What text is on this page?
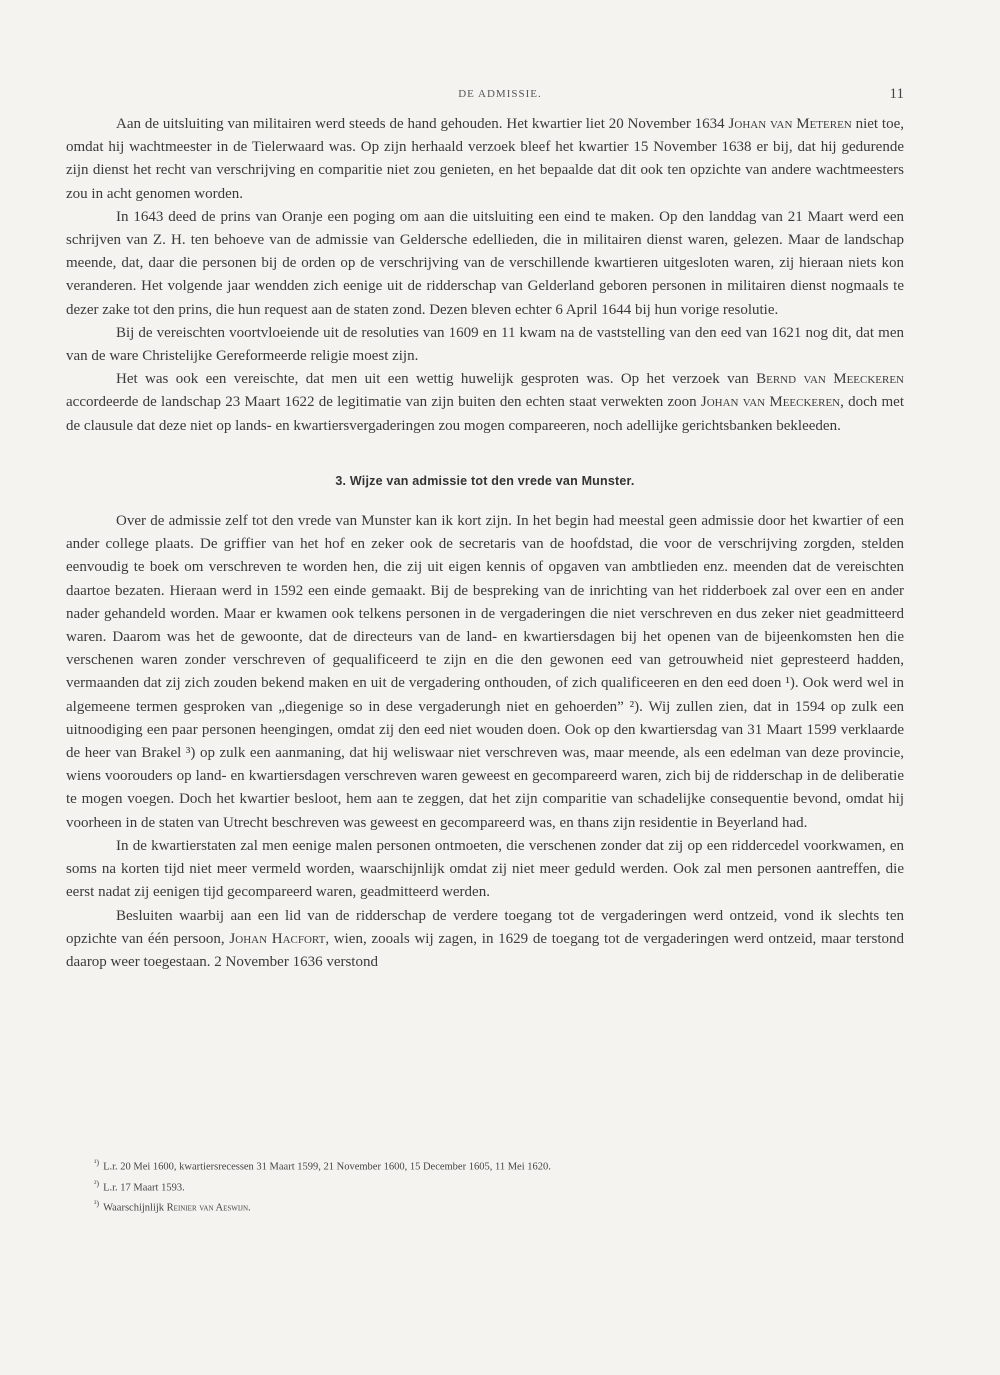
DE ADMISSIE.	11

Aan de uitsluiting van militairen werd steeds de hand gehouden. Het kwartier liet 20 November 1634 Johan van Meteren niet toe, omdat hij wachtmeester in de Tielerwaard was. Op zijn herhaald verzoek bleef het kwartier 15 November 1638 er bij, dat hij gedurende zijn dienst het recht van verschrijving en comparitie niet zou genieten, en het bepaalde dat dit ook ten opzichte van andere wachtmeesters zou in acht genomen worden.

In 1643 deed de prins van Oranje een poging om aan die uitsluiting een eind te maken. Op den landdag van 21 Maart werd een schrijven van Z. H. ten behoeve van de admissie van Geldersche edellieden, die in militairen dienst waren, gelezen. Maar de landschap meende, dat, daar die personen bij de orden op de verschrijving van de verschillende kwartieren uitgesloten waren, zij hieraan niets kon veranderen. Het volgende jaar wendden zich eenige uit de ridderschap van Gelderland geboren personen in militairen dienst nogmaals te dezer zake tot den prins, die hun request aan de staten zond. Dezen bleven echter 6 April 1644 bij hun vorige resolutie.

Bij de vereischten voortvloeiende uit de resoluties van 1609 en 11 kwam na de vaststelling van den eed van 1621 nog dit, dat men van de ware Christelijke Gereformeerde religie moest zijn.

Het was ook een vereischte, dat men uit een wettig huwelijk gesproten was. Op het verzoek van Bernd van Meeckeren accordeerde de landschap 23 Maart 1622 de legitimatie van zijn buiten den echten staat verwekten zoon Johan van Meeckeren, doch met de clausule dat deze niet op lands- en kwartiersvergaderingen zou mogen compareeren, noch adellijke gerichtsbanken bekleeden.

3. Wijze van admissie tot den vrede van Munster.

Over de admissie zelf tot den vrede van Munster kan ik kort zijn. In het begin had meestal geen admissie door het kwartier of een ander college plaats. De griffier van het hof en zeker ook de secretaris van de hoofdstad, die voor de verschrijving zorgden, stelden eenvoudig te boek om verschreven te worden hen, die zij uit eigen kennis of opgaven van ambtlieden enz. meenden dat de vereischten daartoe bezaten. Hieraan werd in 1592 een einde gemaakt. Bij de bespreking van de inrichting van het ridderboek zal over een en ander nader gehandeld worden. Maar er kwamen ook telkens personen in de vergaderingen die niet verschreven en dus zeker niet geadmitteerd waren. Daarom was het de gewoonte, dat de directeurs van de land- en kwartiersdagen bij het openen van de bijeenkomsten hen die verschenen waren zonder verschreven of gequalificeerd te zijn en die den gewonen eed van getrouwheid niet gepresteerd hadden, vermaanden dat zij zich zouden bekend maken en uit de vergadering onthouden, of zich qualificeeren en den eed doen ¹). Ook werd wel in algemeene termen gesproken van „diegenige so in dese vergaderungh niet en gehoerden” ²). Wij zullen zien, dat in 1594 op zulk een uitnoodiging een paar personen heengingen, omdat zij den eed niet wouden doen. Ook op den kwartiersdag van 31 Maart 1599 verklaarde de heer van Brakel ³) op zulk een aanmaning, dat hij weliswaar niet verschreven was, maar meende, als een edelman van deze provincie, wiens voorouders op land- en kwartiersdagen verschreven waren geweest en gecompareerd waren, zich bij de ridderschap in de deliberatie te mogen voegen. Doch het kwartier besloot, hem aan te zeggen, dat het zijn comparitie van schadelijke consequentie bevond, omdat hij voorheen in de staten van Utrecht beschreven was geweest en gecompareerd was, en thans zijn residentie in Beyerland had.

In de kwartierstaten zal men eenige malen personen ontmoeten, die verschenen zonder dat zij op een riddercedel voorkwamen, en soms na korten tijd niet meer vermeld worden, waarschijnlijk omdat zij niet meer geduld werden. Ook zal men personen aantreffen, die eerst nadat zij eenigen tijd gecompareerd waren, geadmitteerd werden.

Besluiten waarbij aan een lid van de ridderschap de verdere toegang tot de vergaderingen werd ontzeid, vond ik slechts ten opzichte van één persoon, Johan Hacfort, wien, zooals wij zagen, in 1629 de toegang tot de vergaderingen werd ontzeid, maar terstond daarop weer toegestaan. 2 November 1636 verstond

$^{^1)}$ L.r. 20 Mei 1600, kwartiersrecessen 31 Maart 1599, 21 November 1600, 15 December 1605, 11 Mei 1620.

$^{^2)}$ L.r. 17 Maart 1593.

$^{^3)}$ Waarschijnlijk Reinier van Aeswijn.
